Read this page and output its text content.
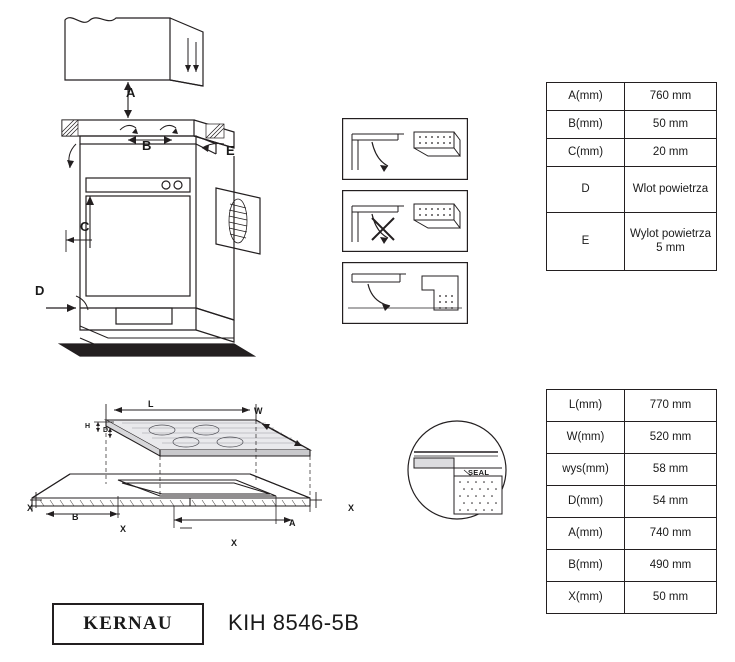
A
B
C
D
E
L
W
H
D
A
B
X	X
X
X
SEAL
A(mm)	760 mm
B(mm)	50 mm
C(mm)	20 mm
D	Wlot powietrza
E	Wylot powietrza 5 mm
L(mm)	770 mm
W(mm)	520 mm
wys(mm)	58 mm
D(mm)	54 mm
A(mm)	740 mm
B(mm)	490 mm
X(mm)	50 mm
KERNAU	KIH 8546-5B
